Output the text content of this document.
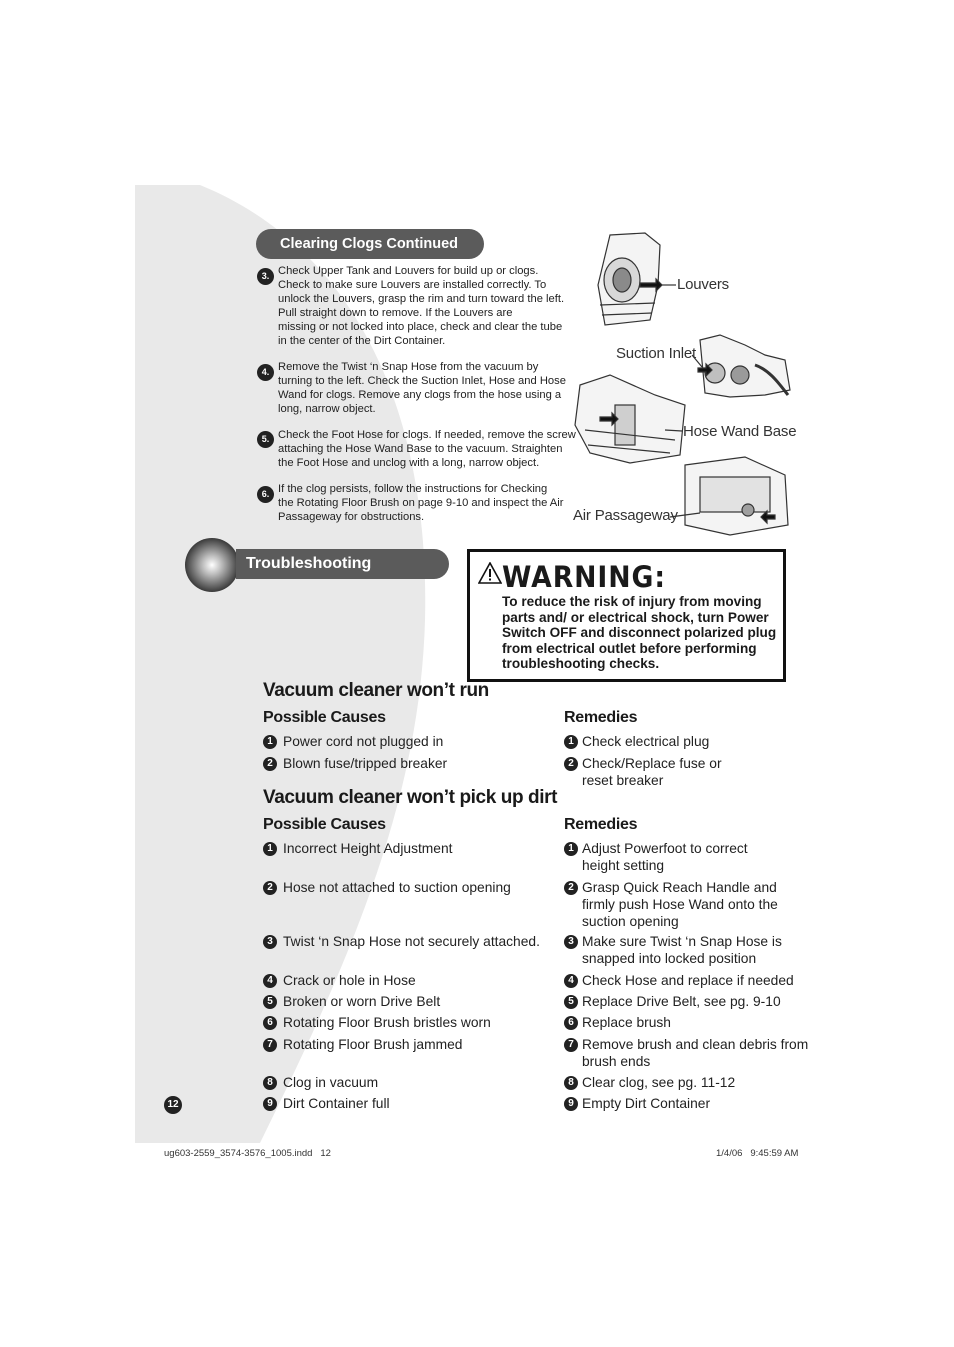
Clearing Clogs Continued
3. Check Upper Tank and Louvers for build up or clogs.
Check to make sure Louvers are installed correctly. To
unlock the Louvers, grasp the rim and turn toward the left.
Pull straight down to remove. If the Louvers are
missing or not locked into place, check and clear the tube
in the center of the Dirt Container.
4. Remove the Twist ‘n Snap Hose from the vacuum by
turning to the left. Check the Suction Inlet, Hose and Hose
Wand for clogs. Remove any clogs from the hose using a
long, narrow object.
5. Check the Foot Hose for clogs. If needed, remove the screw
attaching the Hose Wand Base to the vacuum. Straighten
the Foot Hose and unclog with a long, narrow object.
6. If the clog persists, follow the instructions for Checking
the Rotating Floor Brush on page 9-10 and inspect the Air
Passageway for obstructions.
Louvers
Suction Inlet
Hose Wand Base
Air Passageway
Troubleshooting	WARNING:
To reduce the risk of injury from moving
parts and/ or electrical shock, turn Power
Switch OFF and disconnect polarized plug
from electrical outlet before performing
troubleshooting checks.
Vacuum cleaner won’t run
Possible Causes	Remedies
1 Power cord not plugged in	1 Check electrical plug
2 Blown fuse/tripped breaker	2 Check/Replace fuse or
reset breaker
Vacuum cleaner won’t pick up dirt
Possible Causes	Remedies
1 Incorrect Height Adjustment	1 Adjust Powerfoot to correct
height setting
2 Hose not attached to suction opening	2 Grasp Quick Reach Handle and
firmly push Hose Wand onto the
suction opening
3 Twist ‘n Snap Hose not securely attached.	3 Make sure Twist ‘n Snap Hose is
snapped into locked position
4 Crack or hole in Hose	4 Check Hose and replace if needed
5 Broken or worn Drive Belt	5 Replace Drive Belt, see pg. 9-10
6 Rotating Floor Brush bristles worn	6 Replace brush
7 Rotating Floor Brush jammed	7 Remove brush and clean debris from
brush ends
8 Clog in vacuum	8 Clear clog, see pg. 11-12
9 Dirt Container full	9 Empty Dirt Container
12
ug603-2559_3574-3576_1005.indd   12	1/4/06   9:45:59 AM
